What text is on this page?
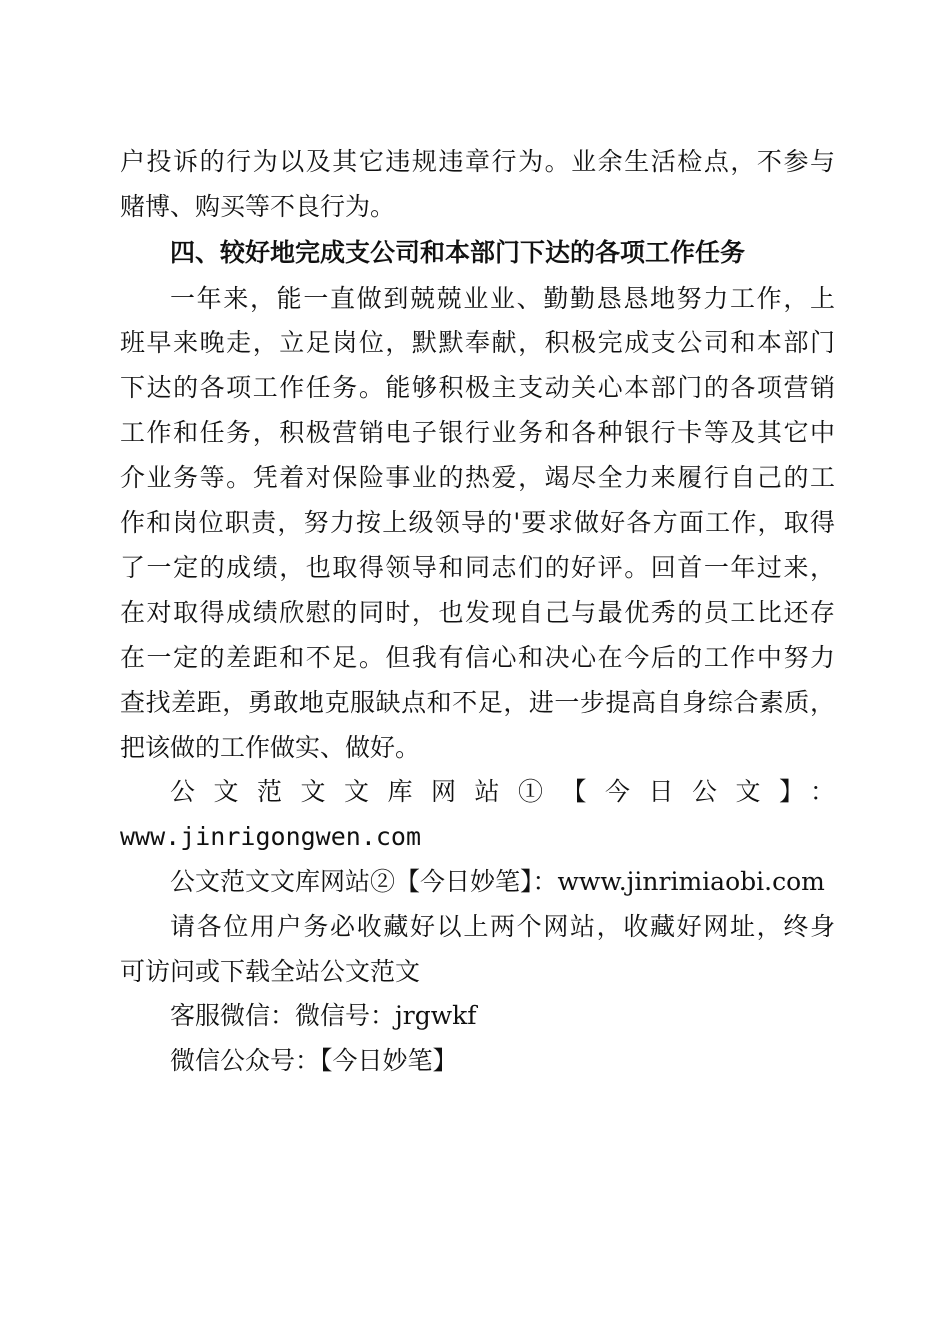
户投诉的行为以及其它违规违章行为。业余生活检点，不参与
赌博、购买等不良行为。
四、较好地完成支公司和本部门下达的各项工作任务
一年来，能一直做到兢兢业业、勤勤恳恳地努力工作，上
班早来晚走，立足岗位，默默奉献，积极完成支公司和本部门
下达的各项工作任务。能够积极主支动关心本部门的各项营销
工作和任务，积极营销电子银行业务和各种银行卡等及其它中
介业务等。凭着对保险事业的热爱，竭尽全力来履行自己的工
作和岗位职责，努力按上级领导的'要求做好各方面工作，取得
了一定的成绩，也取得领导和同志们的好评。回首一年过来，
在对取得成绩欣慰的同时，也发现自己与最优秀的员工比还存
在一定的差距和不足。但我有信心和决心在今后的工作中努力
查找差距，勇敢地克服缺点和不足，进一步提高自身综合素质，
把该做的工作做实、做好。
公文范文文库网站①【今日公文】：
www.jinrigongwen.com
公文范文文库网站②【今日妙笔】：www.jinrimiaobi.com
请各位用户务必收藏好以上两个网站，收藏好网址，终身
可访问或下载全站公文范文
客服微信：微信号：jrgwkf
微信公众号：【今日妙笔】
